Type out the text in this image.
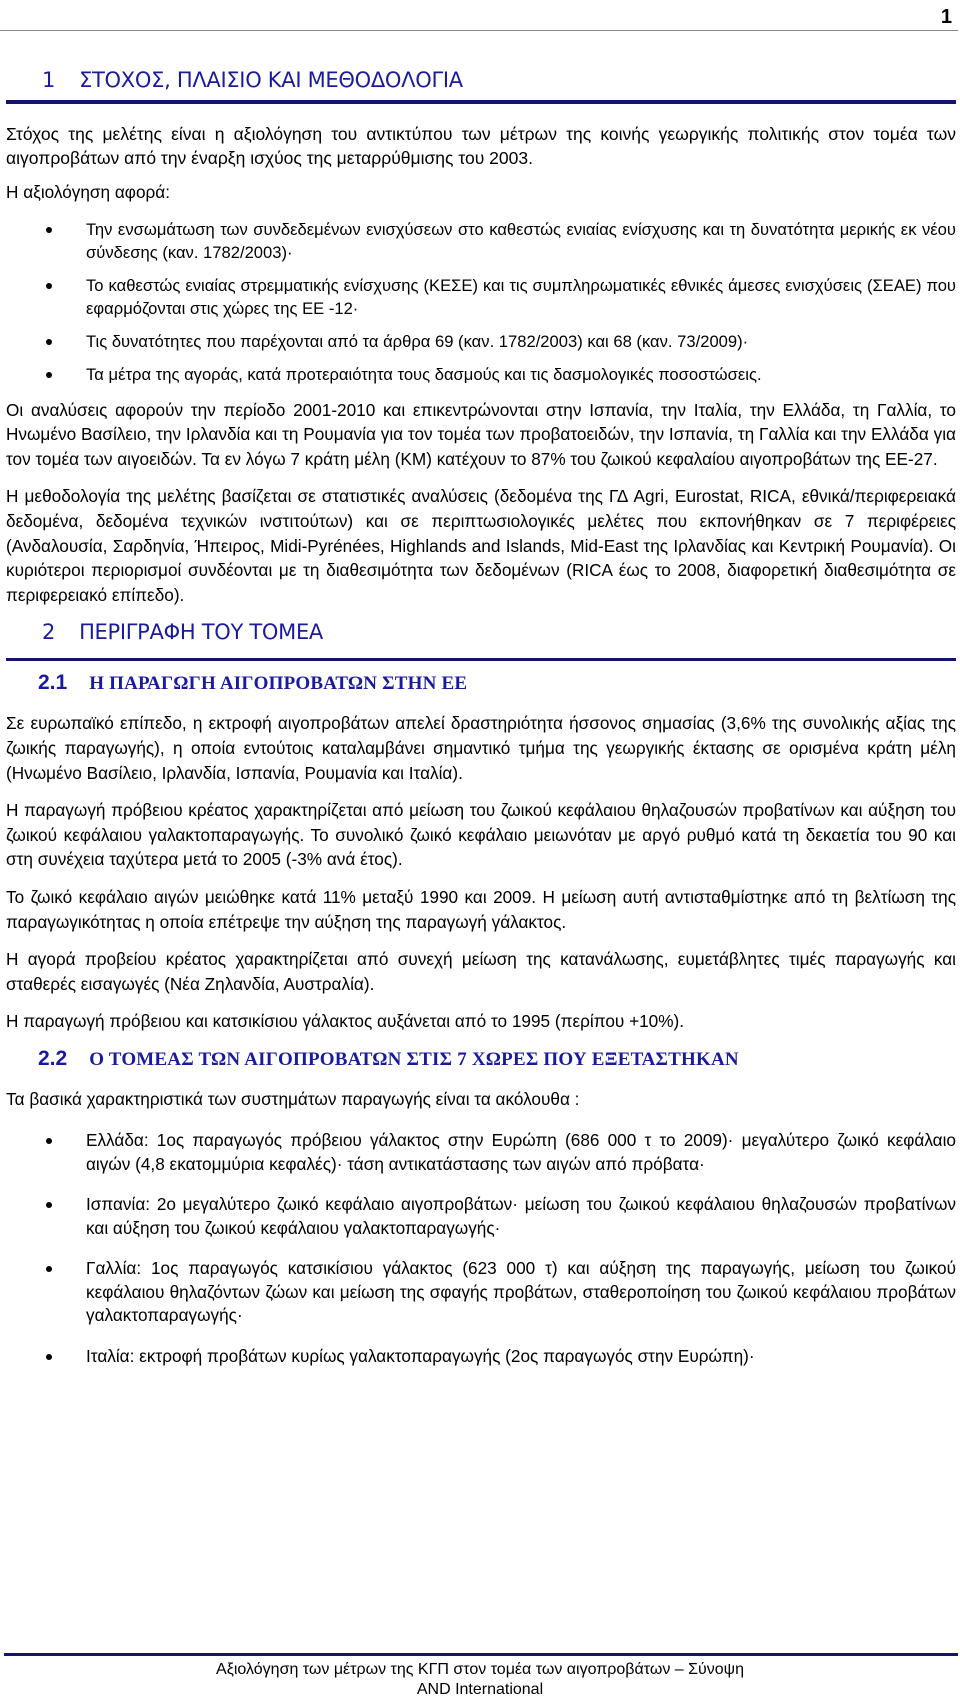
1
1 ΣΤΟΧΟΣ, ΠΛΑΙΣΙΟ ΚΑΙ ΜΕΘΟΔΟΛΟΓΙΑ

Στόχος της μελέτης είναι η αξιολόγηση του αντικτύπου των μέτρων της κοινής γεωργικής πολιτικής στον τομέα των αιγοπροβάτων από την έναρξη ισχύος της μεταρρύθμισης του 2003.

Η αξιολόγηση αφορά:

Την ενσωμάτωση των συνδεδεμένων ενισχύσεων στο καθεστώς ενιαίας ενίσχυσης και τη δυνατότητα μερικής εκ νέου σύνδεσης (καν. 1782/2003)·
Το καθεστώς ενιαίας στρεμματικής ενίσχυσης (ΚΕΣΕ) και τις συμπληρωματικές εθνικές άμεσες ενισχύσεις (ΣΕΑΕ) που εφαρμόζονται στις χώρες της ΕΕ -12·
Τις δυνατότητες που παρέχονται από τα άρθρα 69 (καν. 1782/2003) και 68 (καν. 73/2009)·
Τα μέτρα της αγοράς, κατά προτεραιότητα τους δασμούς και τις δασμολογικές ποσοστώσεις.

Οι αναλύσεις αφορούν την περίοδο 2001-2010 και επικεντρώνονται στην Ισπανία, την Ιταλία, την Ελλάδα, τη Γαλλία, το Ηνωμένο Βασίλειο, την Ιρλανδία και τη Ρουμανία για τον τομέα των προβατοειδών, την Ισπανία, τη Γαλλία και την Ελλάδα για τον τομέα των αιγοειδών. Τα εν λόγω 7 κράτη μέλη (ΚΜ) κατέχουν το 87% του ζωικού κεφαλαίου αιγοπροβάτων της ΕΕ-27.

Η μεθοδολογία της μελέτης βασίζεται σε στατιστικές αναλύσεις (δεδομένα της ΓΔ Agri, Eurostat, RICA, εθνικά/περιφερειακά δεδομένα, δεδομένα τεχνικών ινστιτούτων) και σε περιπτωσιολογικές μελέτες που εκπονήθηκαν σε 7 περιφέρειες (Ανδαλουσία, Σαρδηνία, Ήπειρος, Midi-Pyrénées, Highlands and Islands, Mid-East της Ιρλανδίας και Κεντρική Ρουμανία). Οι κυριότεροι περιορισμοί συνδέονται με τη διαθεσιμότητα των δεδομένων (RICA έως το 2008, διαφορετική διαθεσιμότητα σε περιφερειακό επίπεδο).

2 ΠΕΡΙΓΡΑΦΗ ΤΟΥ ΤΟΜΕΑ
2.1 Η ΠΑΡΑΓΩΓΗ ΑΙΓΟΠΡΟΒΑΤΩΝ ΣΤΗΝ ΕΕ

Σε ευρωπαϊκό επίπεδο, η εκτροφή αιγοπροβάτων απελεί δραστηριότητα ήσσονος σημασίας (3,6% της συνολικής αξίας της ζωικής παραγωγής), η οποία εντούτοις καταλαμβάνει σημαντικό τμήμα της γεωργικής έκτασης σε ορισμένα κράτη μέλη (Ηνωμένο Βασίλειο, Ιρλανδία, Ισπανία, Ρουμανία και Ιταλία).

Η παραγωγή πρόβειου κρέατος χαρακτηρίζεται από μείωση του ζωικού κεφάλαιου θηλαζουσών προβατίνων και αύξηση του ζωικού κεφάλαιου γαλακτοπαραγωγής. Το συνολικό ζωικό κεφάλαιο μειωνόταν με αργό ρυθμό κατά τη δεκαετία του 90 και στη συνέχεια ταχύτερα μετά το 2005 (-3% ανά έτος).

Το ζωικό κεφάλαιο αιγών μειώθηκε κατά 11% μεταξύ 1990 και 2009. Η μείωση αυτή αντισταθμίστηκε από τη βελτίωση της παραγωγικότητας η οποία επέτρεψε την αύξηση της παραγωγή γάλακτος.

Η αγορά προβείου κρέατος χαρακτηρίζεται από συνεχή μείωση της κατανάλωσης, ευμετάβλητες τιμές παραγωγής και σταθερές εισαγωγές (Νέα Ζηλανδία, Αυστραλία).

Η παραγωγή πρόβειου και κατσικίσιου γάλακτος αυξάνεται από το 1995 (περίπου +10%).

2.2 Ο ΤΟΜΕΑΣ ΤΩΝ ΑΙΓΟΠΡΟΒΑΤΩΝ ΣΤΙΣ 7 ΧΩΡΕΣ ΠΟΥ ΕΞΕΤΑΣΤΗΚΑΝ

Τα βασικά χαρακτηριστικά των συστημάτων παραγωγής είναι τα ακόλουθα :

Ελλάδα: 1ος παραγωγός πρόβειου γάλακτος στην Ευρώπη (686 000 τ το 2009)· μεγαλύτερο ζωικό κεφάλαιο αιγών (4,8 εκατομμύρια κεφαλές)· τάση αντικατάστασης των αιγών από πρόβατα·
Ισπανία: 2ο μεγαλύτερο ζωικό κεφάλαιο αιγοπροβάτων· μείωση του ζωικού κεφάλαιου θηλαζουσών προβατίνων και αύξηση του ζωικού κεφάλαιου γαλακτοπαραγωγής·
Γαλλία: 1ος παραγωγός κατσικίσιου γάλακτος (623 000 τ) και αύξηση της παραγωγής, μείωση του ζωικού κεφάλαιου θηλαζόντων ζώων και μείωση της σφαγής προβάτων, σταθεροποίηση του ζωικού κεφάλαιου προβάτων γαλακτοπαραγωγής·
Ιταλία: εκτροφή προβάτων κυρίως γαλακτοπαραγωγής (2ος παραγωγός στην Ευρώπη)·
Αξιολόγηση των μέτρων της ΚΓΠ στον τομέα των αιγοπροβάτων – Σύνοψη
AND International
